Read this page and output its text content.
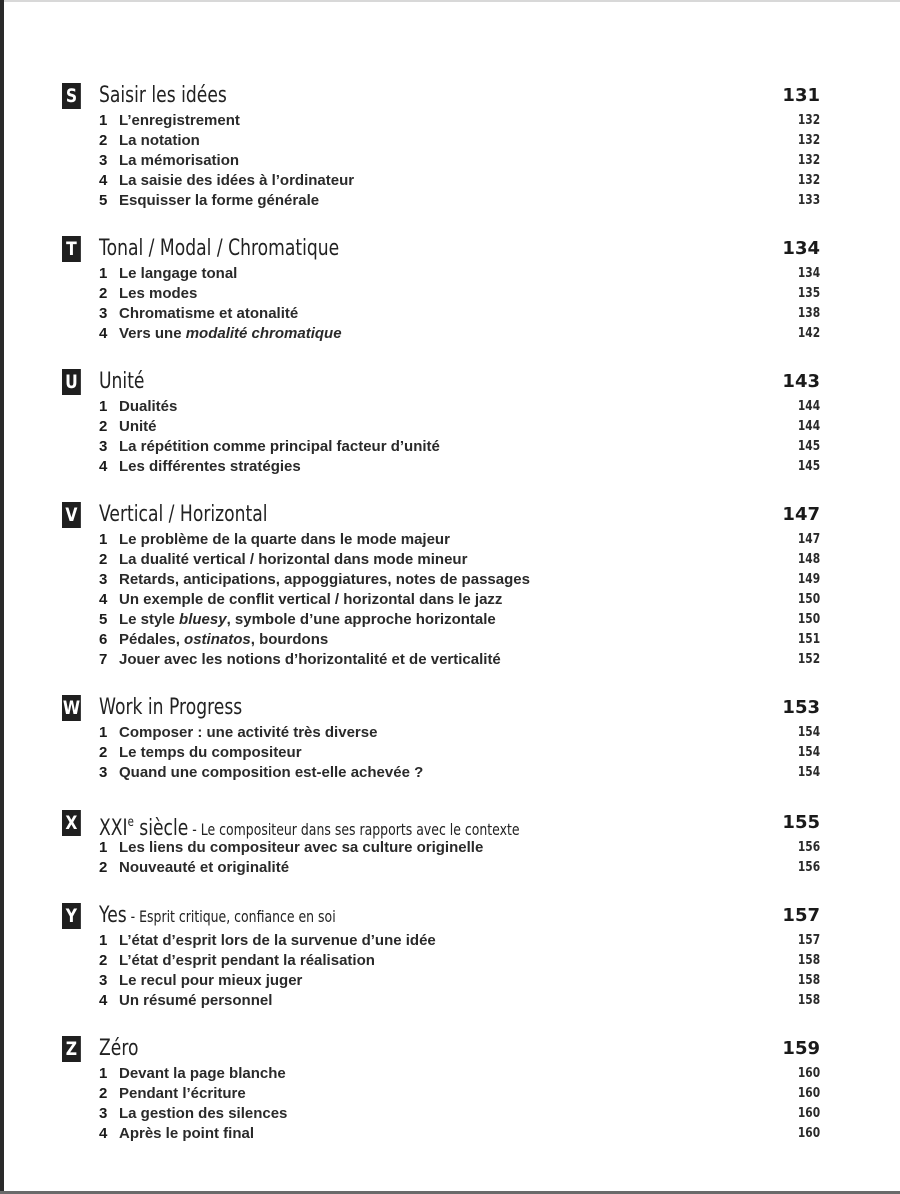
S Saisir les idées	131
1 L’enregistrement	132
2 La notation	132
3 La mémorisation	132
4 La saisie des idées à l’ordinateur	132
5 Esquisser la forme générale	133
T Tonal / Modal / Chromatique	134
1 Le langage tonal	134
2 Les modes	135
3 Chromatisme et atonalité	138
4 Vers une modalité chromatique	142
U Unité	143
1 Dualités	144
2 Unité	144
3 La répétition comme principal facteur d’unité	145
4 Les différentes stratégies	145
V Vertical / Horizontal	147
1 Le problème de la quarte dans le mode majeur	147
2 La dualité vertical / horizontal dans mode mineur	148
3 Retards, anticipations, appoggiatures, notes de passages	149
4 Un exemple de conflit vertical / horizontal dans le jazz	150
5 Le style bluesy, symbole d’une approche horizontale	150
6 Pédales, ostinatos, bourdons	151
7 Jouer avec les notions d’horizontalité et de verticalité	152
W Work in Progress	153
1 Composer : une activité très diverse	154
2 Le temps du compositeur	154
3 Quand une composition est-elle achevée ?	154
X XXIe siècle - Le compositeur dans ses rapports avec le contexte	155
1 Les liens du compositeur avec sa culture originelle	156
2 Nouveauté et originalité	156
Y Yes - Esprit critique, confiance en soi	157
1 L’état d’esprit lors de la survenue d’une idée	157
2 L’état d’esprit pendant la réalisation	158
3 Le recul pour mieux juger	158
4 Un résumé personnel	158
Z Zéro	159
1 Devant la page blanche	160
2 Pendant l’écriture	160
3 La gestion des silences	160
4 Après le point final	160
